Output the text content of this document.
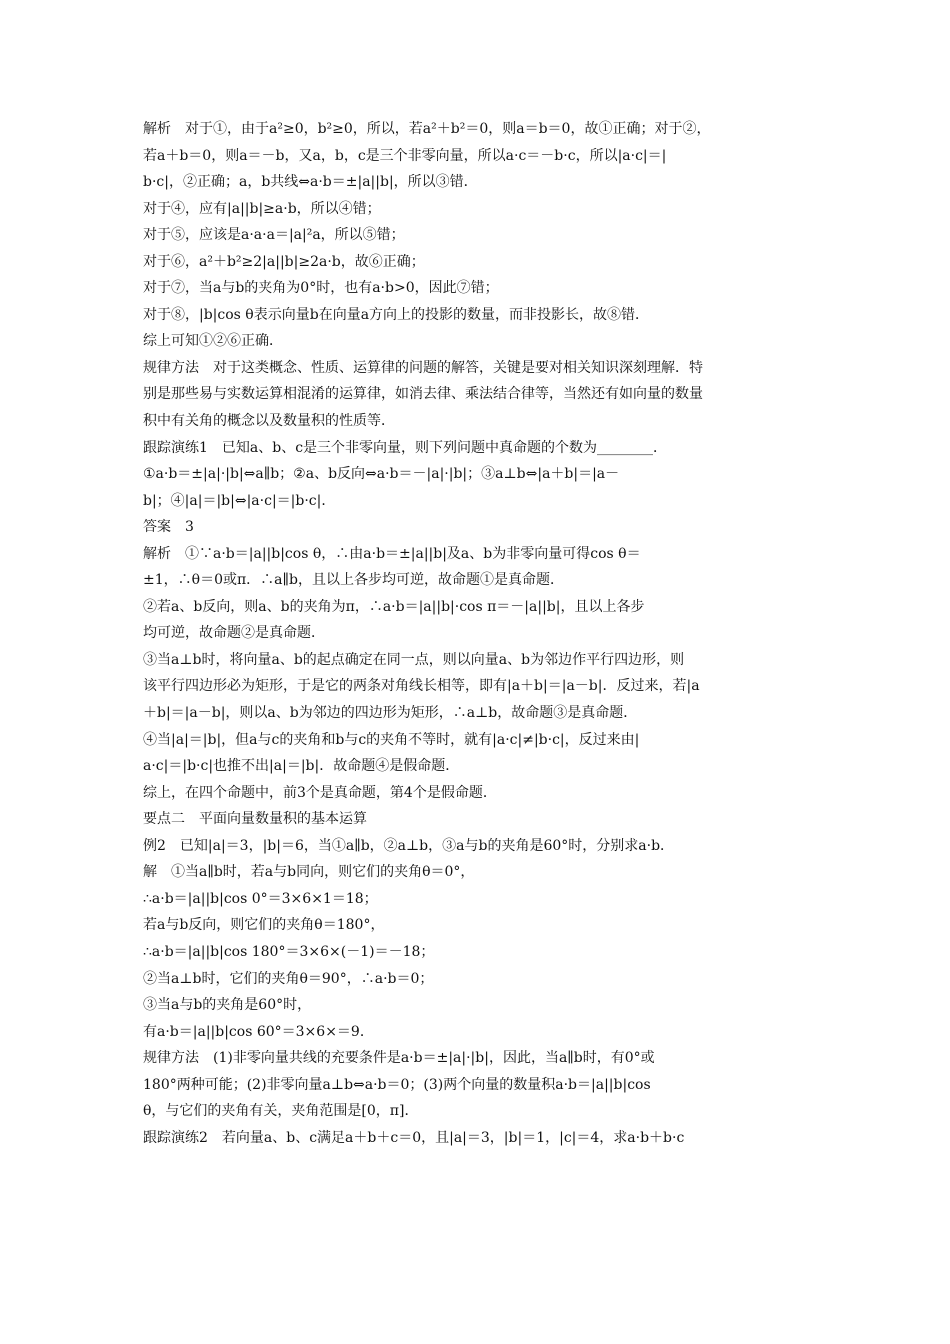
解析　对于①，由于a²≥0，b²≥0，所以，若a²＋b²＝0，则a＝b＝0，故①正确；对于②，
若a＋b＝0，则a＝－b，又a，b，c是三个非零向量，所以a·c＝－b·c，所以|a·c|＝|
b·c|，②正确；a，b共线⇔a·b＝±|a||b|，所以③错．
对于④，应有|a||b|≥a·b，所以④错；
对于⑤，应该是a·a·a＝|a|²a，所以⑤错；
对于⑥，a²＋b²≥2|a||b|≥2a·b，故⑥正确；
对于⑦，当a与b的夹角为0°时，也有a·b>0，因此⑦错；
对于⑧，|b|cos θ表示向量b在向量a方向上的投影的数量，而非投影长，故⑧错．
综上可知①②⑥正确．
规律方法　对于这类概念、性质、运算律的问题的解答，关键是要对相关知识深刻理解．特
别是那些易与实数运算相混淆的运算律，如消去律、乘法结合律等，当然还有如向量的数量
积中有关角的概念以及数量积的性质等．
跟踪演练1　已知a、b、c是三个非零向量，则下列问题中真命题的个数为________．
①a·b＝±|a|·|b|⇔a∥b；②a、b反向⇔a·b＝－|a|·|b|；③a⊥b⇔|a＋b|＝|a－
b|；④|a|＝|b|⇔|a·c|＝|b·c|．
答案　3
解析　①∵a·b＝|a||b|cos θ，∴由a·b＝±|a||b|及a、b为非零向量可得cos θ＝
±1，∴θ＝0或π．∴a∥b，且以上各步均可逆，故命题①是真命题．
②若a、b反向，则a、b的夹角为π，∴a·b＝|a||b|·cos π＝－|a||b|，且以上各步
均可逆，故命题②是真命题．
③当a⊥b时，将向量a、b的起点确定在同一点，则以向量a、b为邻边作平行四边形，则
该平行四边形必为矩形，于是它的两条对角线长相等，即有|a＋b|＝|a－b|．反过来，若|a
＋b|＝|a－b|，则以a、b为邻边的四边形为矩形，∴a⊥b，故命题③是真命题．
④当|a|＝|b|，但a与c的夹角和b与c的夹角不等时，就有|a·c|≠|b·c|，反过来由|
a·c|＝|b·c|也推不出|a|＝|b|．故命题④是假命题．
综上，在四个命题中，前3个是真命题，第4个是假命题．
要点二　平面向量数量积的基本运算
例2　已知|a|＝3，|b|＝6，当①a∥b，②a⊥b，③a与b的夹角是60°时，分别求a·b．
解　①当a∥b时，若a与b同向，则它们的夹角θ＝0°，
∴a·b＝|a||b|cos 0°＝3×6×1＝18；
若a与b反向，则它们的夹角θ＝180°，
∴a·b＝|a||b|cos 180°＝3×6×(－1)＝－18；
②当a⊥b时，它们的夹角θ＝90°，∴a·b＝0；
③当a与b的夹角是60°时，
有a·b＝|a||b|cos 60°＝3×6×＝9．
规律方法　(1)非零向量共线的充要条件是a·b＝±|a|·|b|，因此，当a∥b时，有0°或
180°两种可能；(2)非零向量a⊥b⇔a·b＝0；(3)两个向量的数量积a·b＝|a||b|cos
θ，与它们的夹角有关，夹角范围是[0，π]．
跟踪演练2　若向量a、b、c满足a＋b＋c＝0，且|a|＝3，|b|＝1，|c|＝4，求a·b＋b·c
